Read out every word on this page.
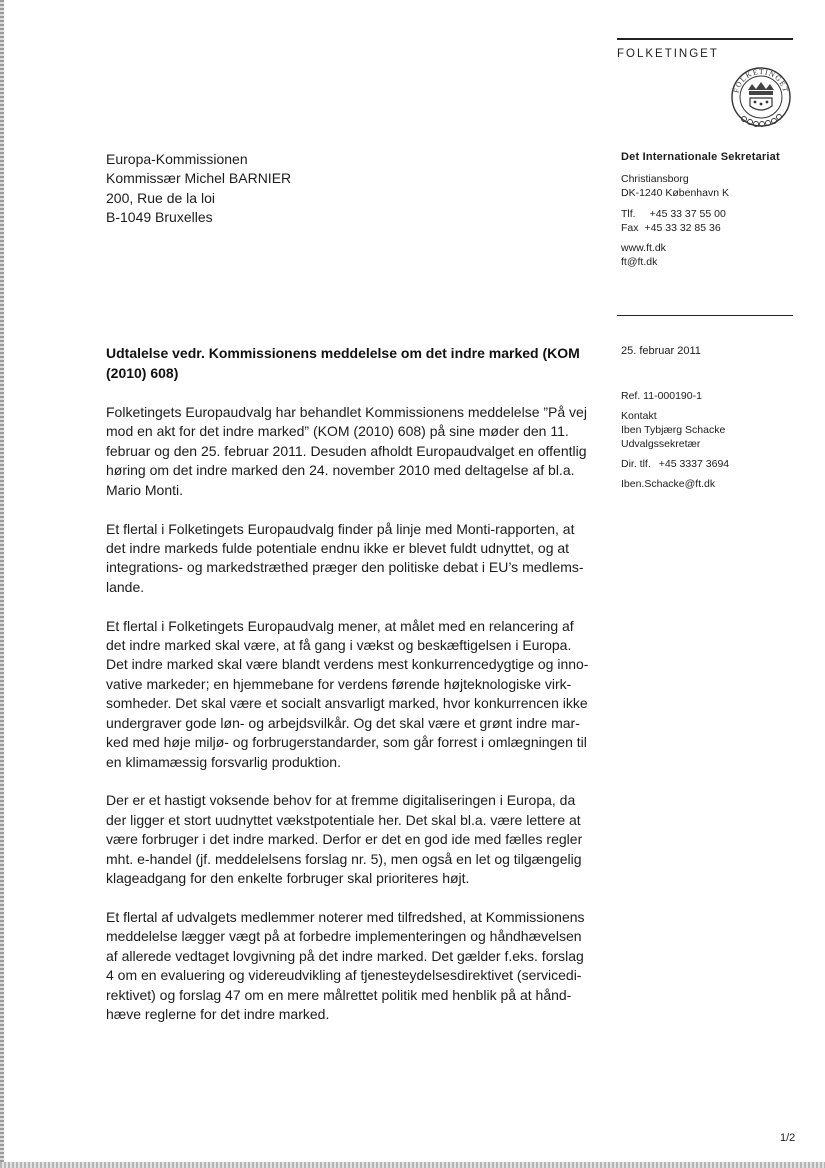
FOLKETINGET
FOLKETINGET
Europa-Kommissionen
Kommissær Michel BARNIER
200, Rue de la loi
B-1049 Bruxelles
Det Internationale Sekretariat
Christiansborg
DK-1240 København K
Tlf. +45 33 37 55 00
Fax +45 33 32 85 36
www.ft.dk
ft@ft.dk
25. februar 2011
Ref. 11-000190-1
Kontakt
Iben Tybjærg Schacke
Udvalgssekretær
Dir. tlf. +45 3337 3694
Iben.Schacke@ft.dk
Udtalelse vedr. Kommissionens meddelelse om det indre marked (KOM
(2010) 608)

Folketingets Europaudvalg har behandlet Kommissionens meddelelse ”På vej
mod en akt for det indre marked” (KOM (2010) 608) på sine møder den 11.
februar og den 25. februar 2011. Desuden afholdt Europaudvalget en offentlig
høring om det indre marked den 24. november 2010 med deltagelse af bl.a.
Mario Monti.

Et flertal i Folketingets Europaudvalg finder på linje med Monti-rapporten, at
det indre markeds fulde potentiale endnu ikke er blevet fuldt udnyttet, og at
integrations- og markedstræthed præger den politiske debat i EU’s medlems-
lande.

Et flertal i Folketingets Europaudvalg mener, at målet med en relancering af
det indre marked skal være, at få gang i vækst og beskæftigelsen i Europa.
Det indre marked skal være blandt verdens mest konkurrencedygtige og inno-
vative markeder; en hjemmebane for verdens førende højteknologiske virk-
somheder. Det skal være et socialt ansvarligt marked, hvor konkurrencen ikke
undergraver gode løn- og arbejdsvilkår. Og det skal være et grønt indre mar-
ked med høje miljø- og forbrugerstandarder, som går forrest i omlægningen til
en klimamæssig forsvarlig produktion.

Der er et hastigt voksende behov for at fremme digitaliseringen i Europa, da
der ligger et stort uudnyttet vækstpotentiale her. Det skal bl.a. være lettere at
være forbruger i det indre marked. Derfor er det en god ide med fælles regler
mht. e-handel (jf. meddelelsens forslag nr. 5), men også en let og tilgængelig
klageadgang for den enkelte forbruger skal prioriteres højt.

Et flertal af udvalgets medlemmer noterer med tilfredshed, at Kommissionens
meddelelse lægger vægt på at forbedre implementeringen og håndhævelsen
af allerede vedtaget lovgivning på det indre marked. Det gælder f.eks. forslag
4 om en evaluering og videreudvikling af tjenesteydelsesdirektivet (servicedi-
rektivet) og forslag 47 om en mere målrettet politik med henblik på at hånd-
hæve reglerne for det indre marked.

1/2
